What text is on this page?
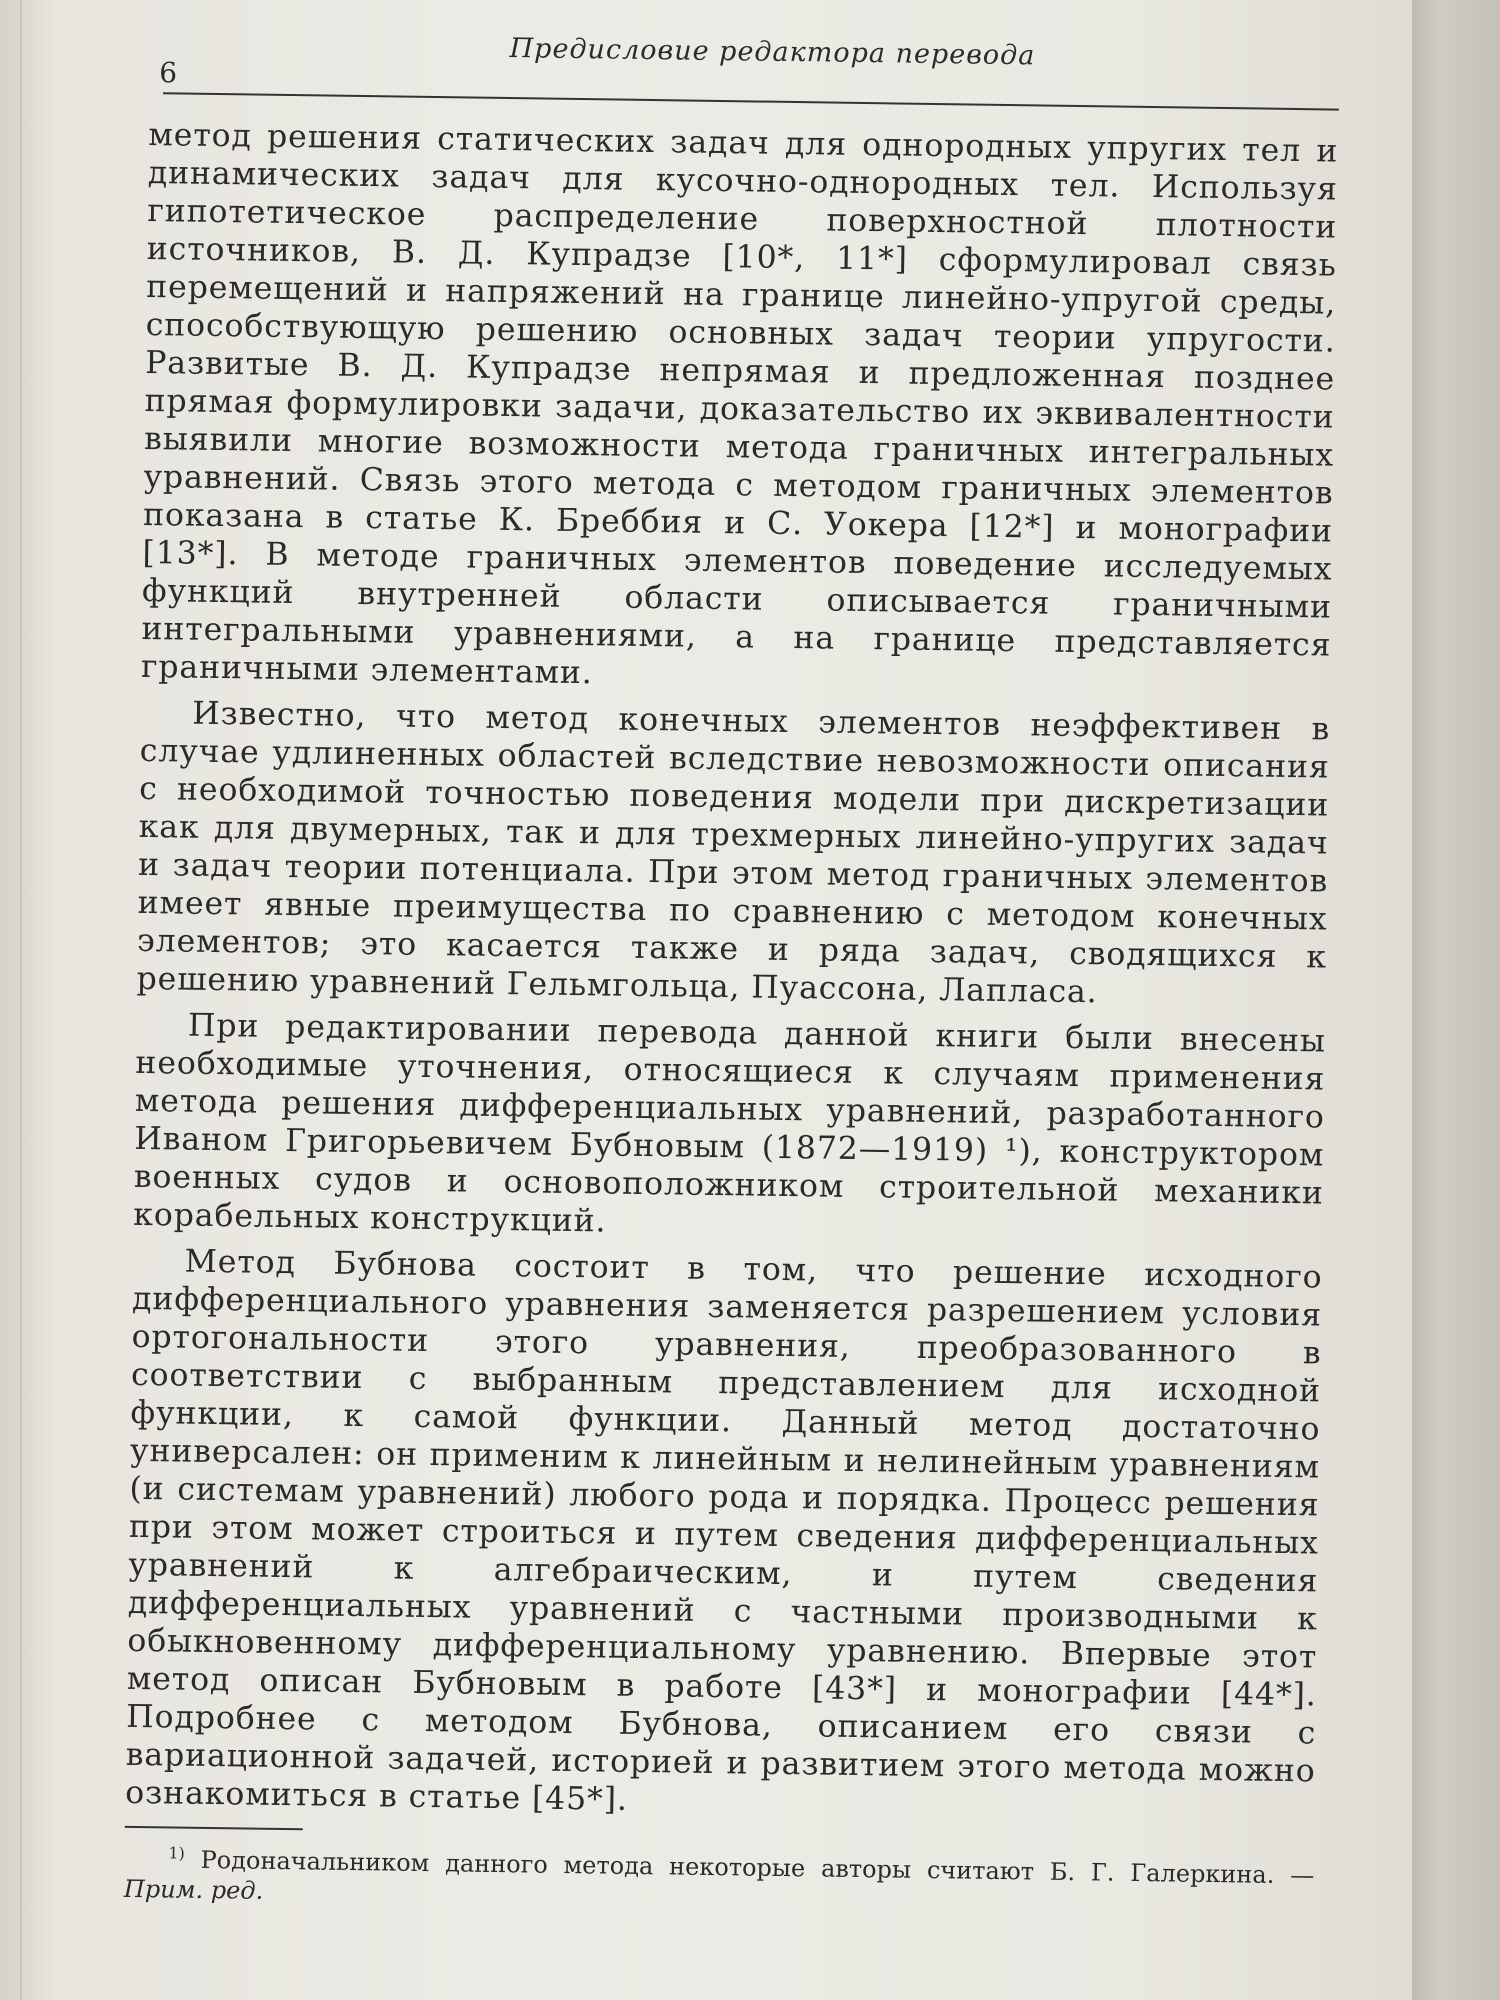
6
Предисловие редактора перевода

метод решения статических задач для однородных упругих тел и динамических задач для кусочно-однородных тел. Используя гипотетическое распределение поверхностной плотности источников, В. Д. Купрадзе [10*, 11*] сформулировал связь перемещений и напряжений на границе линейно-упругой среды, способствующую решению основных задач теории упругости. Развитые В. Д. Купрадзе непрямая и предложенная позднее прямая формулировки задачи, доказательство их эквивалентности выявили многие возможности метода граничных интегральных уравнений. Связь этого метода с методом граничных элементов показана в статье К. Бреббия и С. Уокера [12*] и монографии [13*]. В методе граничных элементов поведение исследуемых функций внутренней области описывается граничными интегральными уравнениями, а на границе представляется граничными элементами.

Известно, что метод конечных элементов неэффективен в случае удлиненных областей вследствие невозможности описания с необходимой точностью поведения модели при дискретизации как для двумерных, так и для трехмерных линейно-упругих задач и задач теории потенциала. При этом метод граничных элементов имеет явные преимущества по сравнению с методом конечных элементов; это касается также и ряда задач, сводящихся к решению уравнений Гельмгольца, Пуассона, Лапласа.

При редактировании перевода данной книги были внесены необходимые уточнения, относящиеся к случаям применения метода решения дифференциальных уравнений, разработанного Иваном Григорьевичем Бубновым (1872—1919) ¹), конструктором военных судов и основоположником строительной механики корабельных конструкций.

Метод Бубнова состоит в том, что решение исходного дифференциального уравнения заменяется разрешением условия ортогональности этого уравнения, преобразованного в соответствии с выбранным представлением для исходной функции, к самой функции. Данный метод достаточно универсален: он применим к линейным и нелинейным уравнениям (и системам уравнений) любого рода и порядка. Процесс решения при этом может строиться и путем сведения дифференциальных уравнений к алгебраическим, и путем сведения дифференциальных уравнений с частными производными к обыкновенному дифференциальному уравнению. Впервые этот метод описан Бубновым в работе [43*] и монографии [44*]. Подробнее с методом Бубнова, описанием его связи с вариационной задачей, историей и развитием этого метода можно ознакомиться в статье [45*].

$^{1)}$ Родоначальником данного метода некоторые авторы считают Б. Г. Галеркина. — Прим. ред.
